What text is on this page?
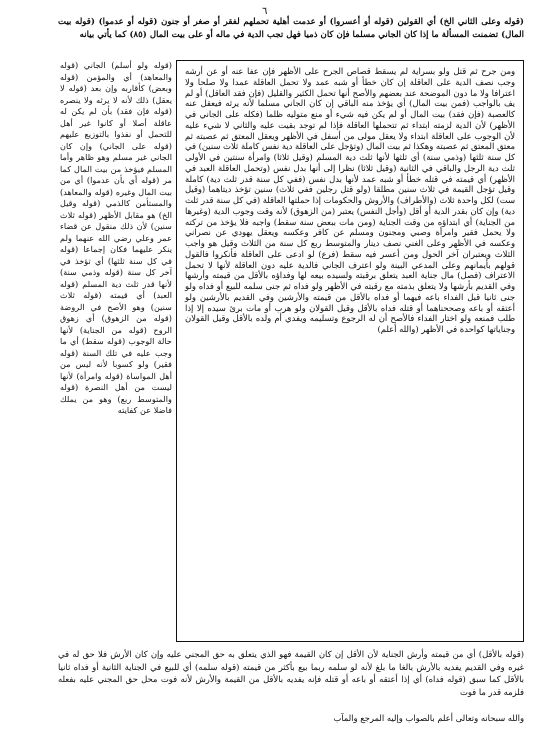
٦

(قوله وعلى الثاني الخ) أي القولين (قوله أو أعسروا) أو عدمت أهلية تحملهم لفقر أو صغر أو جنون (قوله أو عدموا) (قوله بيت المال) تضمنت المسألة ما إذا كان الجاني مسلما فإن كان ذميا فهل تجب الدية في ماله أو على بيت المال (٨٥) كما يأتي بيانه

ومن جرح ثم قتل ولو بسراية لم يسقط قصاص الجرح على الأظهر فإن عفا عنه أو عن أرشه وجب نصف الدية على العاقلة إن كان خطأ أو شبه عمد ولا تحمل العاقلة عمدا ولا صلحا ولا اعترافا ولا ما دون الموضحة عند بعضهم والأصح أنها تحمل الكثير والقليل (فإن فقد العاقل) أو لم يف بالواجب (فمن بيت المال) أي يؤخذ منه الباقي إن كان الجاني مسلما لأنه يرثه فيعقل عنه كالعصبة (فإن فقد) بيت المال أو لم يكن فيه شيء أو منع متوليه ظلما (فكله على الجاني في الأظهر) لأن الدية لزمته ابتداء ثم تتحملها العاقلة فإذا لم توجد بقيت عليه والثاني لا شيء عليه لأن الوجوب على العاقلة ابتداء ولا يعقل مولى من أسفل في الأظهر ويعقل المعتق ثم عصبته ثم معتق المعتق ثم عصبته وهكذا ثم بيت المال (وتؤجل على العاقلة دية نفس كاملة ثلاث سنين) في كل سنة ثلثها (وذمي سنة) أي ثلثها لأنها ثلث دية المسلم (وقيل ثلاثا) وامرأة سنتين في الأولى ثلث دية الرجل والباقي في الثانية (وقيل ثلاثا) نظرا إلى أنها بدل نفس (وتحمل العاقلة العبد في الأظهر) أي قيمته في قتله خطأ أو شبه عمد لأنها بدل نفس (ففي كل سنة قدر ثلث دية) كاملة وقيل تؤجل القيمة في ثلاث سنين مطلقا (ولو قتل رجلين ففي ثلاث) سنين تؤخذ ديتاهما (وقيل ست) لكل واحدة ثلاث (والأطراف) والأروش والحكومات إذا حملتها العاقلة (في كل سنة قدر ثلث دية) وإن كان بقدر الدية أو أقل (وأجل النفس) يعتبر (من الزهوق) لأنه وقت وجوب الدية (وغيرها من الجناية) أي ابتداؤه من وقت الجناية (ومن مات ببعض سنة سقط) واجبه فلا يؤخذ من تركته ولا يحمل فقير وامرأة وصبي ومجنون ومسلم عن كافر وعكسه ويعقل يهودي عن نصراني وعكسه في الأظهر وعلى الغني نصف دينار والمتوسط ربع كل سنة من الثلاث وقيل هو واجب الثلاث ويعتبران آخر الحول ومن أعسر فيه سقط (فرع) لو ادعى على العاقلة فأنكروا فالقول قولهم بأيمانهم وعلى المدعي البينة ولو اعترف الجاني فالدية عليه دون العاقلة لأنها لا تحمل الاعتراف (فصل) مال جناية العبد يتعلق برقبته ولسيده بيعه لها وفداؤه بالأقل من قيمته وأرشها وفي القديم بأرشها ولا يتعلق بذمته مع رقبته في الأظهر ولو فداه ثم جنى سلمه للبيع أو فداه ولو جنى ثانيا قبل الفداء باعه فيهما أو فداه بالأقل من قيمته والأرشين وفي القديم بالأرشين ولو أعتقه أو باعه وصححناهما أو قتله فداه بالأقل وقيل القولان ولو هرب أو مات برئ سيده إلا إذا طلب فمنعه ولو اختار الفداء فالأصح أن له الرجوع وتسليمه ويفدي أم ولده بالأقل وقيل القولان وجناياتها كواحدة في الأظهر (والله أعلم)

(قوله ولو أسلم) الجاني (قوله والمعاهد) أي والمؤمن (قوله وبعض) كأقاربه وإن بعد (قوله لا يعقل) ذلك لأنه لا يرثه ولا ينصره (قوله فإن فقد) بأن لم يكن له عاقلة أصلا أو كانوا غير أهل للتحمل أو نفذوا بالتوزيع عليهم (قوله على الجاني) وإن كان الجاني غير مسلم وهو ظاهر وأما المسلم فيؤخذ من بيت المال كما مر (قوله أي بأن عدموا) أي من بيت المال وغيره (قوله والمعاهد) والمستأمن كالذمي (قوله وقيل الخ) هو مقابل الأظهر (قوله ثلاث سنين) لأن ذلك منقول عن قضاء عمر وعلي رضي الله عنهما ولم ينكر عليهما فكان إجماعا (قوله في كل سنة ثلثها) أي تؤخذ في آخر كل سنة (قوله وذمي سنة) لأنها قدر ثلث دية المسلم (قوله العبد) أي قيمته (قوله ثلاث سنين) وهو الأصح في الروضة (قوله من الزهوق) أي زهوق الروح (قوله من الجناية) لأنها حالة الوجوب (قوله سقط) أي ما وجب عليه في تلك السنة (قوله فقير) ولو كسوبا لأنه ليس من أهل المواساة (قوله وامرأة) لأنها ليست من أهل النصرة (قوله والمتوسط ربع) وهو من يملك فاضلا عن كفايته

(قوله بالأقل) أي من قيمته وأرش الجناية لأن الأقل إن كان القيمة فهو الذي يتعلق به حق المجني عليه وإن كان الأرش فلا حق له في غيره وفي القديم يفديه بالأرش بالغا ما بلغ لأنه لو سلمه ربما بيع بأكثر من قيمته (قوله سلمه) أي للبيع في الجناية الثانية أو فداه ثانيا بالأقل كما سبق (قوله فداه) أي إذا أعتقه أو باعه أو قتله فإنه يفديه بالأقل من القيمة والأرش لأنه فوت محل حق المجني عليه بفعله فلزمه قدر ما فوت

والله سبحانه وتعالى أعلم بالصواب وإليه المرجع والمآب
